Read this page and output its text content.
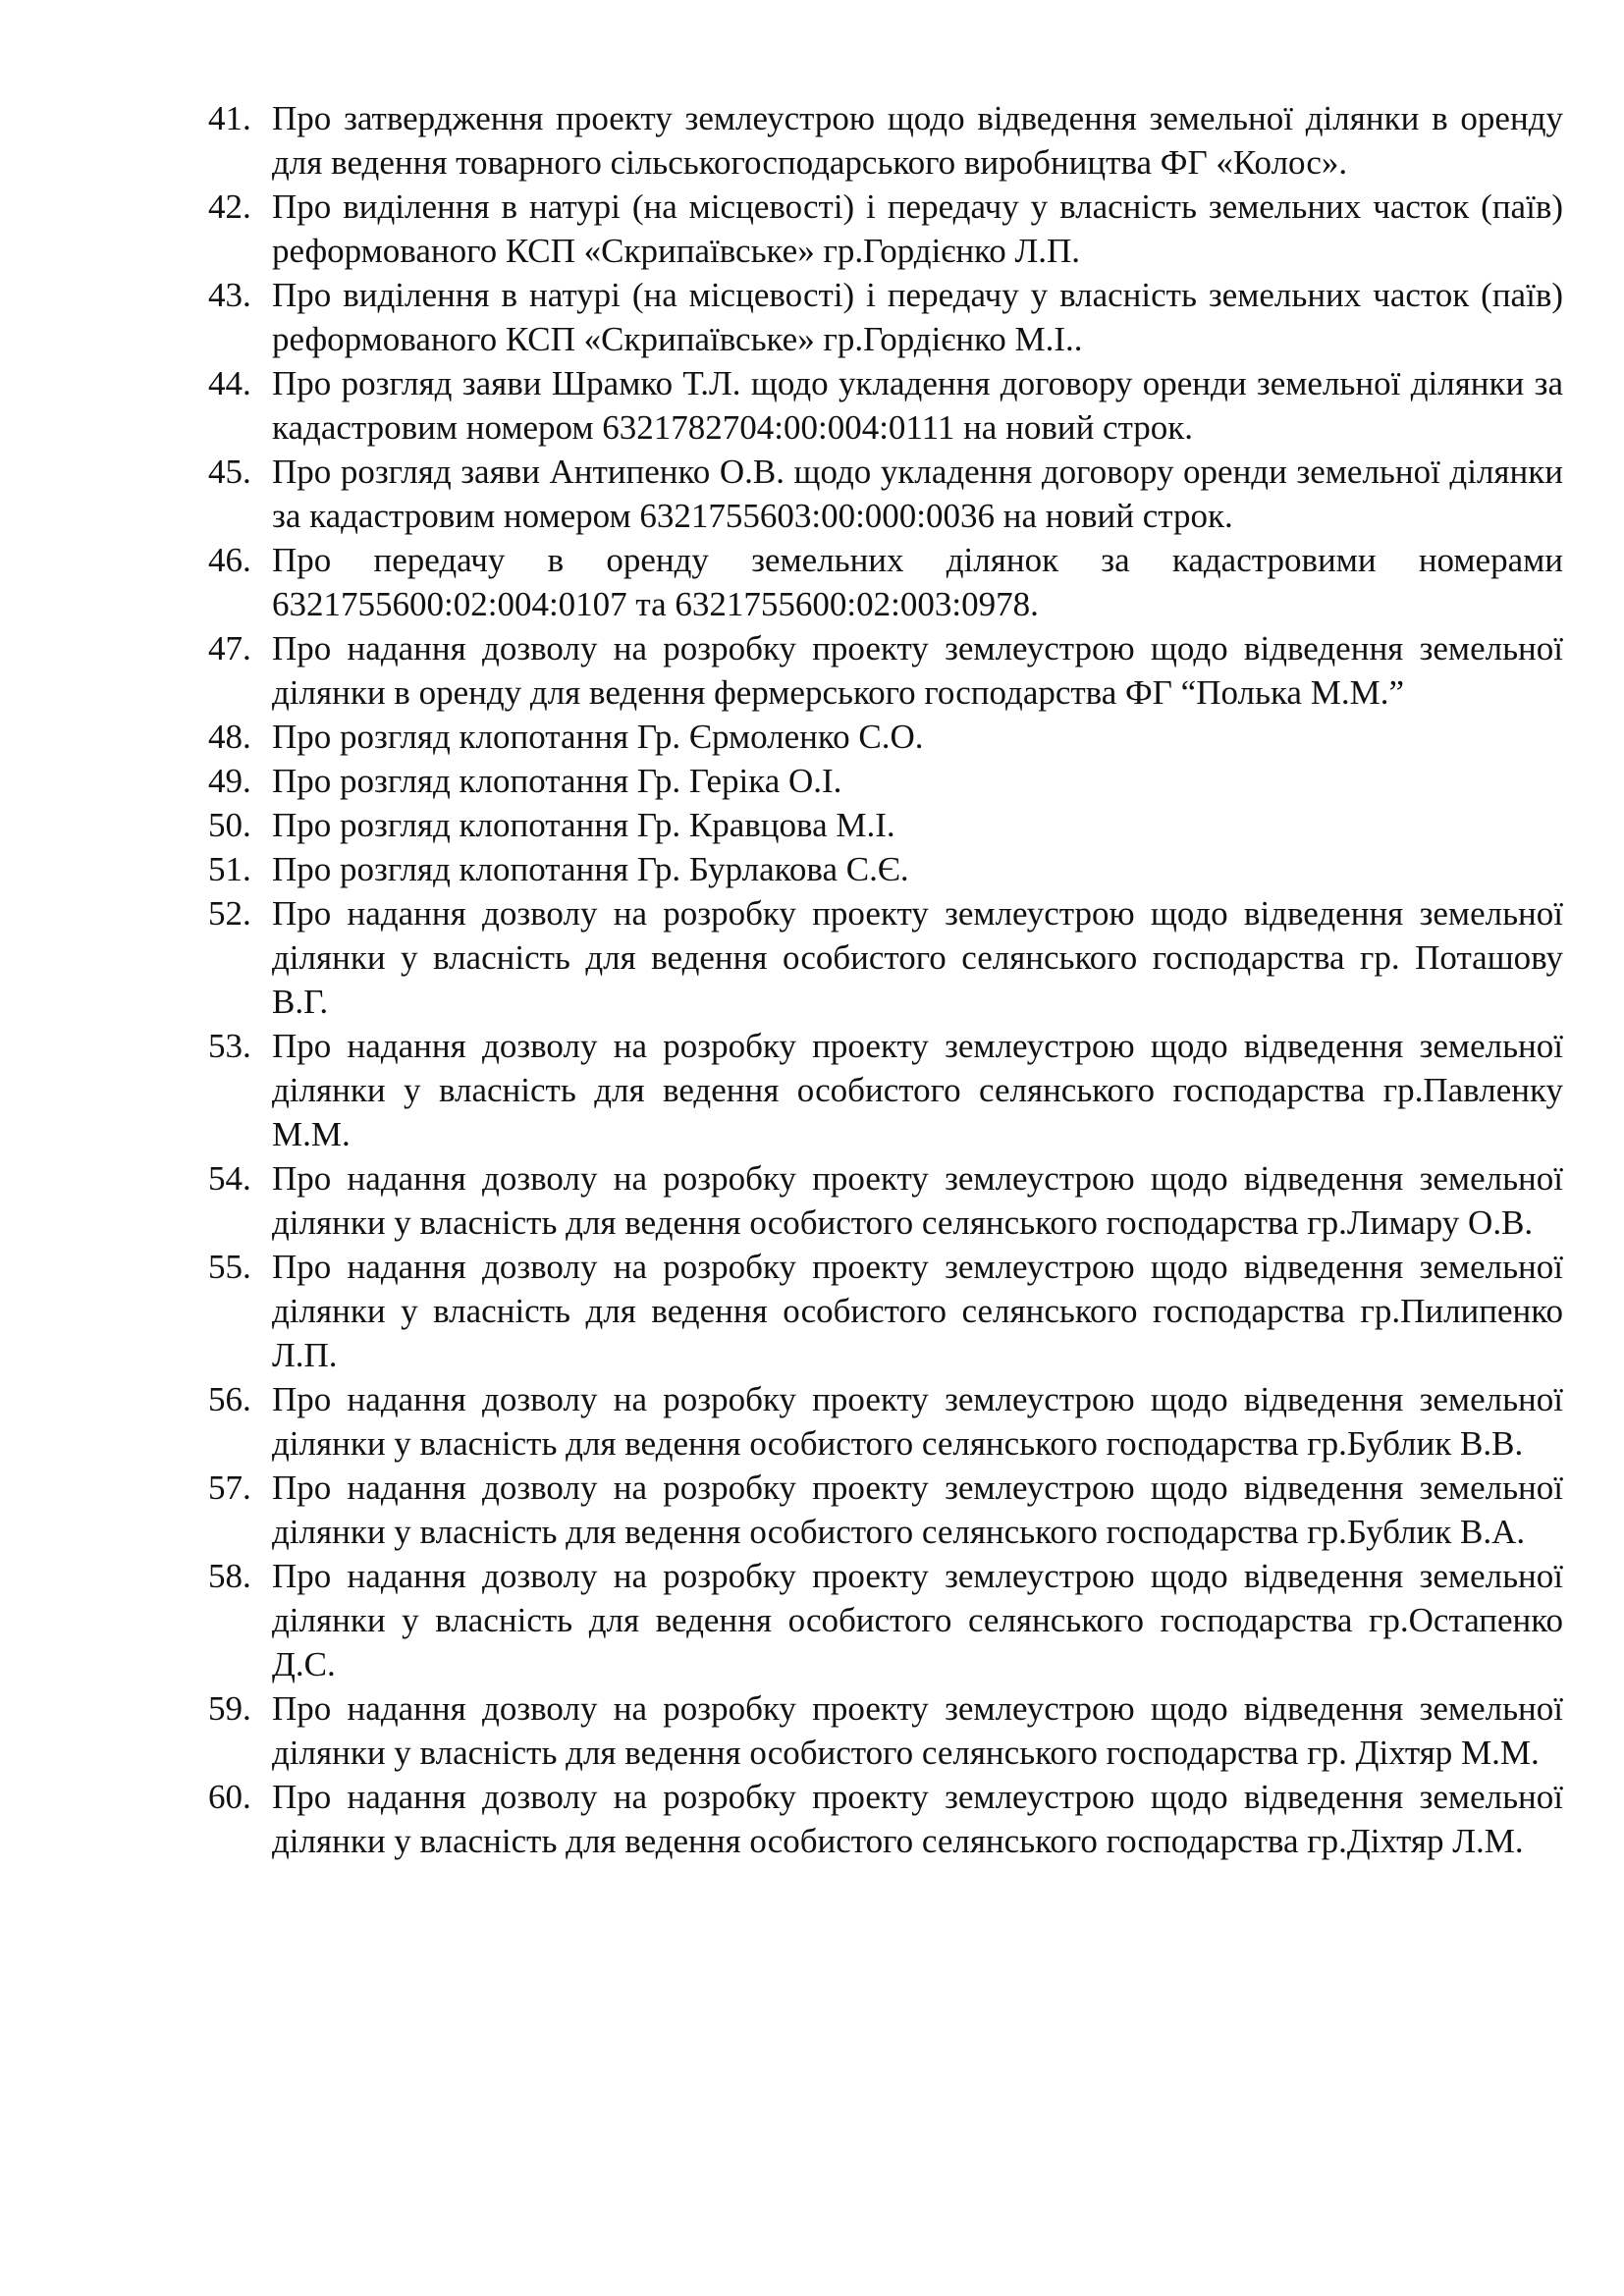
41. Про затвердження проекту землеустрою щодо відведення земельної ділянки в оренду для ведення товарного сільськогосподарського виробництва ФГ «Колос».
42. Про виділення в натурі (на місцевості) і передачу у власність земельних часток (паїв) реформованого КСП «Скрипаївське» гр.Гордієнко Л.П.
43. Про виділення в натурі (на місцевості) і передачу у власність земельних часток (паїв) реформованого КСП «Скрипаївське» гр.Гордієнко М.І..
44. Про розгляд заяви Шрамко Т.Л. щодо укладення договору оренди земельної ділянки за кадастровим номером 6321782704:00:004:0111 на новий строк.
45. Про розгляд заяви Антипенко О.В. щодо укладення договору оренди земельної ділянки за кадастровим номером 6321755603:00:000:0036 на новий строк.
46. Про передачу в оренду земельних ділянок за кадастровими номерами 6321755600:02:004:0107 та 6321755600:02:003:0978.
47. Про надання дозволу на розробку проекту землеустрою щодо відведення земельної ділянки в оренду для ведення фермерського господарства ФГ “Полька М.М.”
48. Про розгляд клопотання Гр. Єрмоленко С.О.
49. Про розгляд клопотання Гр. Геріка О.І.
50. Про розгляд клопотання Гр. Кравцова М.І.
51. Про розгляд клопотання Гр. Бурлакова С.Є.
52. Про надання дозволу на розробку проекту землеустрою щодо відведення земельної ділянки у власність для ведення особистого селянського господарства гр. Поташову В.Г.
53. Про надання дозволу на розробку проекту землеустрою щодо відведення земельної ділянки у власність для ведення особистого селянського господарства гр.Павленку М.М.
54. Про надання дозволу на розробку проекту землеустрою щодо відведення земельної ділянки у власність для ведення особистого селянського господарства гр.Лимару О.В.
55. Про надання дозволу на розробку проекту землеустрою щодо відведення земельної ділянки у власність для ведення особистого селянського господарства гр.Пилипенко Л.П.
56. Про надання дозволу на розробку проекту землеустрою щодо відведення земельної ділянки у власність для ведення особистого селянського господарства гр.Бублик В.В.
57. Про надання дозволу на розробку проекту землеустрою щодо відведення земельної ділянки у власність для ведення особистого селянського господарства гр.Бублик В.А.
58. Про надання дозволу на розробку проекту землеустрою щодо відведення земельної ділянки у власність для ведення особистого селянського господарства гр.Остапенко Д.С.
59. Про надання дозволу на розробку проекту землеустрою щодо відведення земельної ділянки у власність для ведення особистого селянського господарства гр. Діхтяр М.М.
60. Про надання дозволу на розробку проекту землеустрою щодо відведення земельної ділянки у власність для ведення особистого селянського господарства гр.Діхтяр Л.М.
